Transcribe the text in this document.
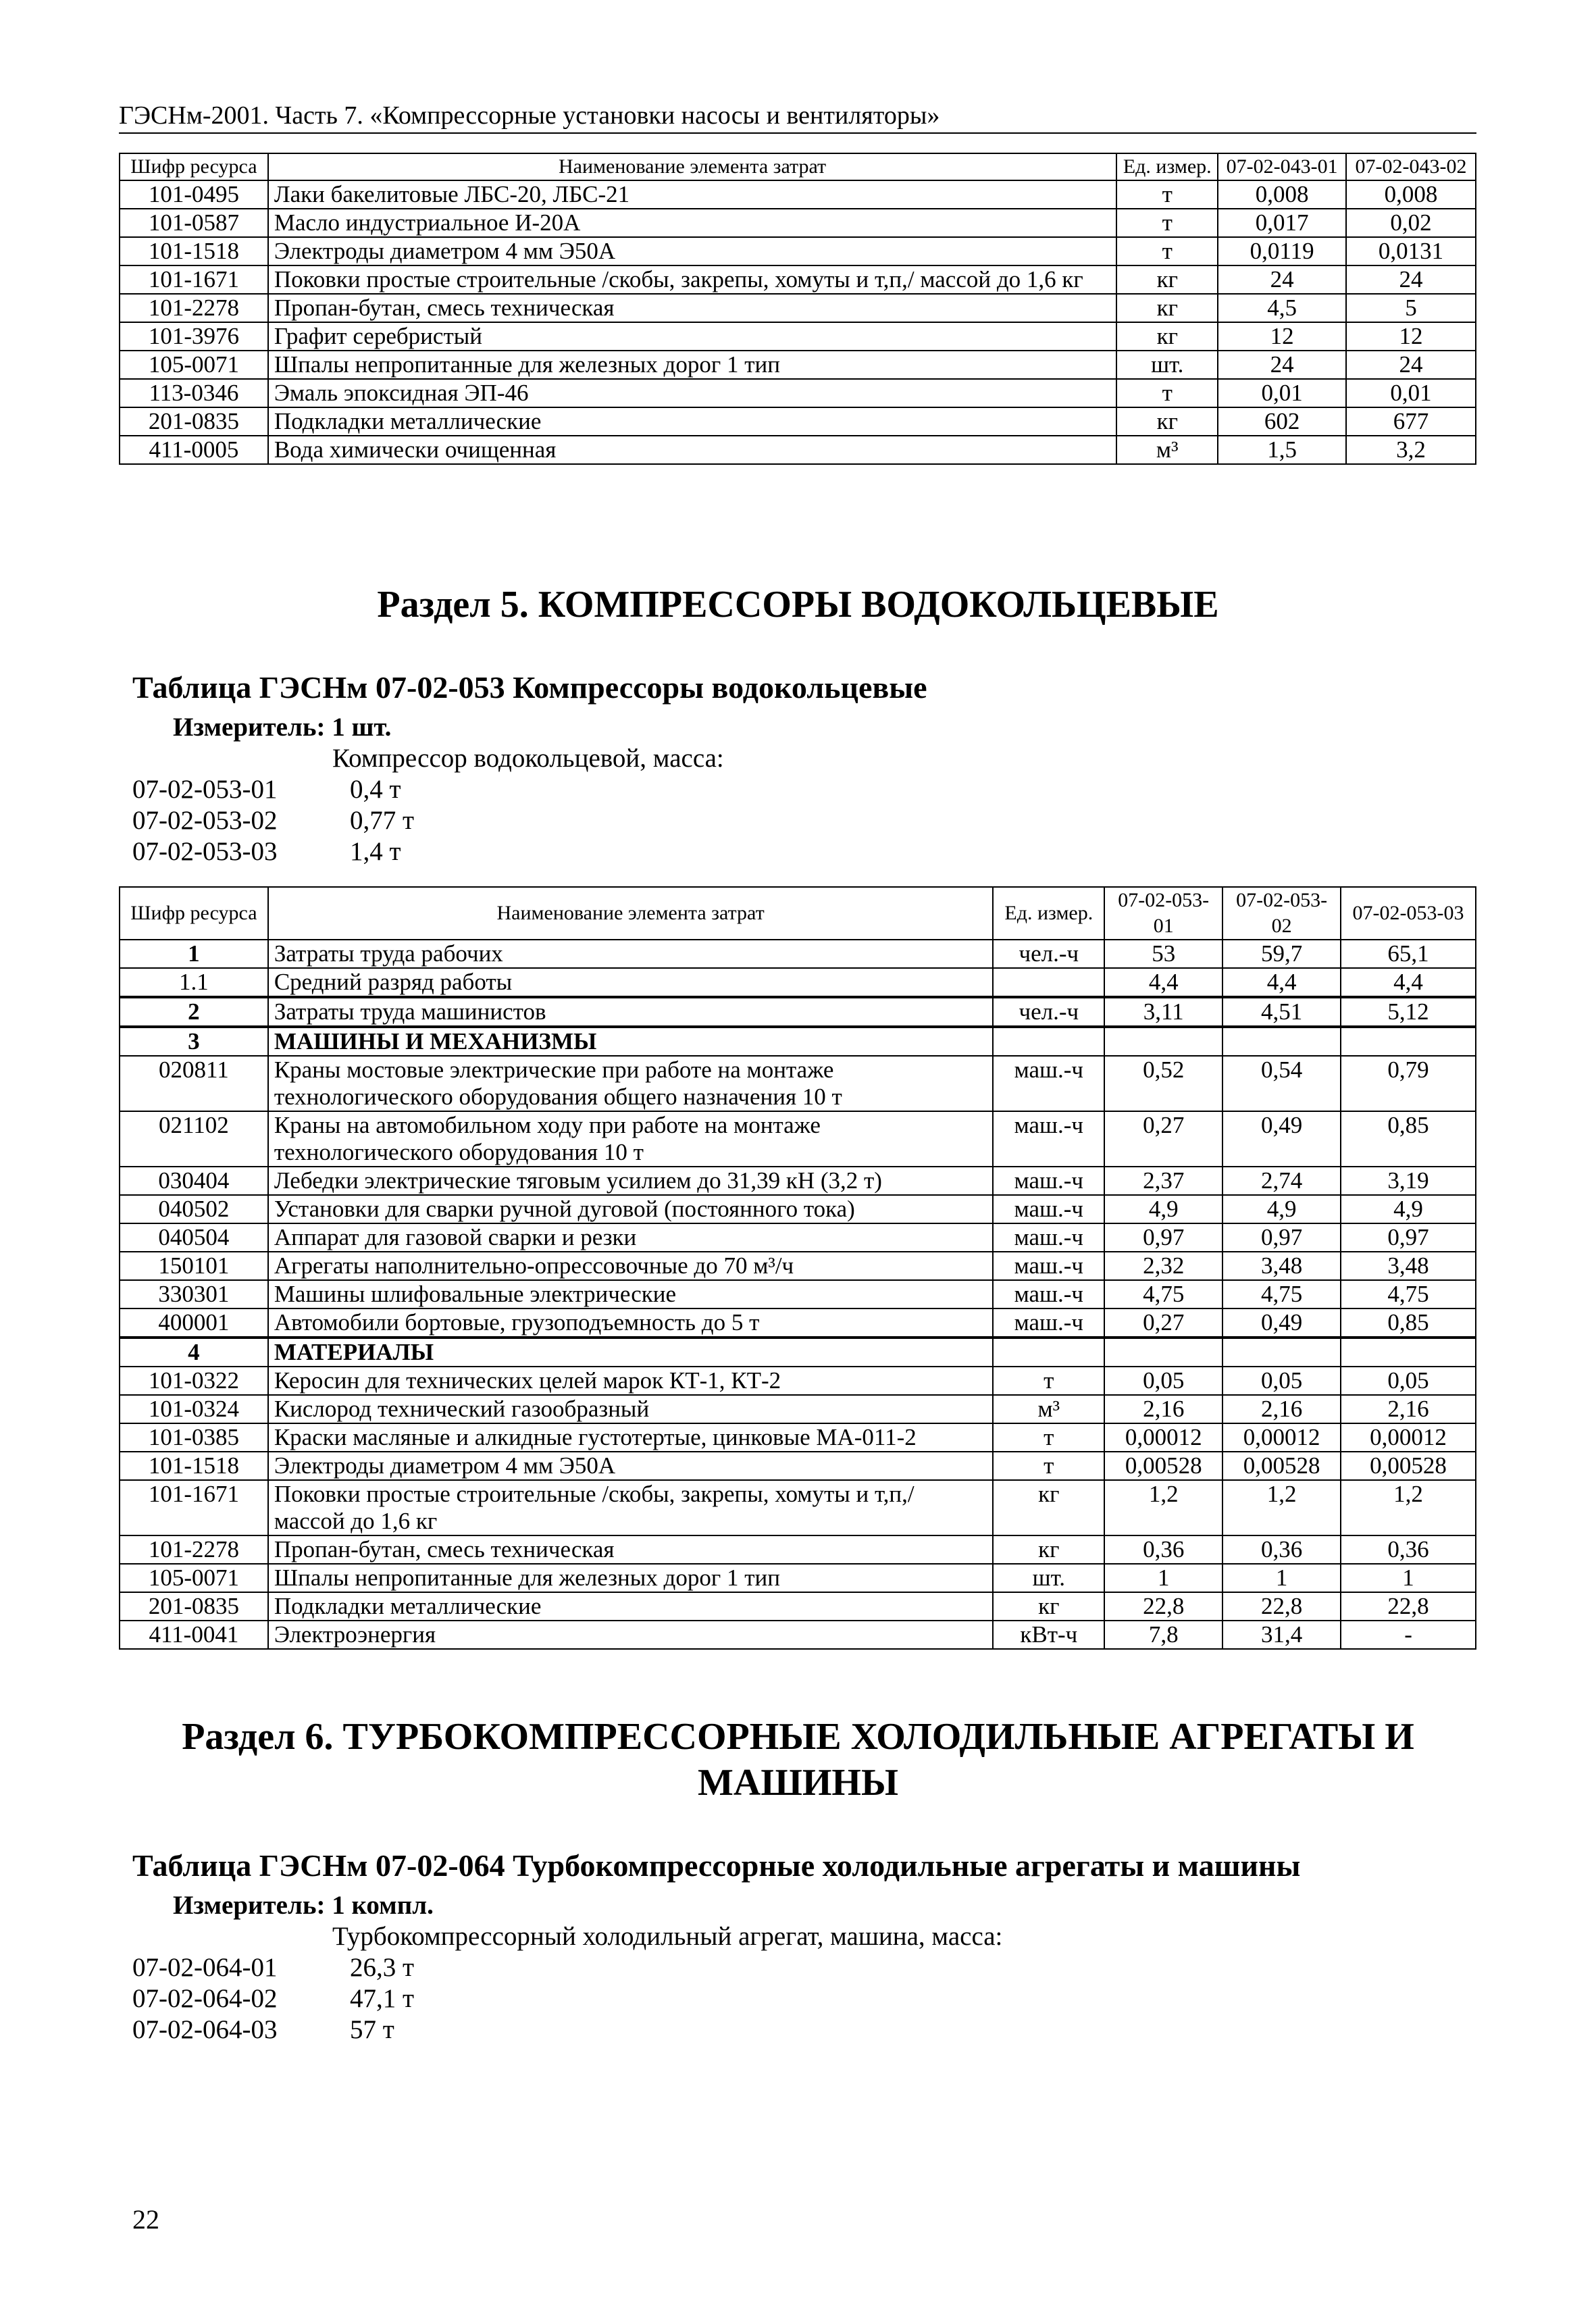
ГЭСНм-2001. Часть 7. «Компрессорные установки насосы и вентиляторы»
Шифр ресурса	Наименование элемента затрат	Ед. измер.	07-02-043-01	07-02-043-02
101-0495	Лаки бакелитовые ЛБС-20, ЛБС-21	т	0,008	0,008
101-0587	Масло индустриальное И-20А	т	0,017	0,02
101-1518	Электроды диаметром 4 мм Э50А	т	0,0119	0,0131
101-1671	Поковки простые строительные /скобы, закрепы, хомуты и т,п,/ массой до 1,6 кг	кг	24	24
101-2278	Пропан-бутан, смесь техническая	кг	4,5	5
101-3976	Графит серебристый	кг	12	12
105-0071	Шпалы непропитанные для железных дорог 1 тип	шт.	24	24
113-0346	Эмаль эпоксидная ЭП-46	т	0,01	0,01
201-0835	Подкладки металлические	кг	602	677
411-0005	Вода химически очищенная	м³	1,5	3,2
Раздел 5. КОМПРЕССОРЫ ВОДОКОЛЬЦЕВЫЕ
Таблица ГЭСНм 07-02-053 Компрессоры водокольцевые
Измеритель: 1 шт.
Компрессор водокольцевой, масса:
07-02-053-01	0,4 т
07-02-053-02	0,77 т
07-02-053-03	1,4 т
Шифр ресурса	Наименование элемента затрат	Ед. измер.	07-02-053-01	07-02-053-02	07-02-053-03
1	Затраты труда рабочих	чел.-ч	53	59,7	65,1
1.1	Средний разряд работы		4,4	4,4	4,4
2	Затраты труда машинистов	чел.-ч	3,11	4,51	5,12
3	МАШИНЫ И МЕХАНИЗМЫ				
020811	Краны мостовые электрические при работе на монтаже технологического оборудования общего назначения 10 т	маш.-ч	0,52	0,54	0,79
021102	Краны на автомобильном ходу при работе на монтаже технологического оборудования 10 т	маш.-ч	0,27	0,49	0,85
030404	Лебедки электрические тяговым усилием до 31,39 кН (3,2 т)	маш.-ч	2,37	2,74	3,19
040502	Установки для сварки ручной дуговой (постоянного тока)	маш.-ч	4,9	4,9	4,9
040504	Аппарат для газовой сварки и резки	маш.-ч	0,97	0,97	0,97
150101	Агрегаты наполнительно-опрессовочные до 70 м³/ч	маш.-ч	2,32	3,48	3,48
330301	Машины шлифовальные электрические	маш.-ч	4,75	4,75	4,75
400001	Автомобили бортовые, грузоподъемность до 5 т	маш.-ч	0,27	0,49	0,85
4	МАТЕРИАЛЫ				
101-0322	Керосин для технических целей марок КТ-1, КТ-2	т	0,05	0,05	0,05
101-0324	Кислород технический газообразный	м³	2,16	2,16	2,16
101-0385	Краски масляные и алкидные густотертые, цинковые МА-011-2	т	0,00012	0,00012	0,00012
101-1518	Электроды диаметром 4 мм Э50А	т	0,00528	0,00528	0,00528
101-1671	Поковки простые строительные /скобы, закрепы, хомуты и т,п,/ массой до 1,6 кг	кг	1,2	1,2	1,2
101-2278	Пропан-бутан, смесь техническая	кг	0,36	0,36	0,36
105-0071	Шпалы непропитанные для железных дорог 1 тип	шт.	1	1	1
201-0835	Подкладки металлические	кг	22,8	22,8	22,8
411-0041	Электроэнергия	кВт-ч	7,8	31,4	-
Раздел 6. ТУРБОКОМПРЕССОРНЫЕ ХОЛОДИЛЬНЫЕ АГРЕГАТЫ И
МАШИНЫ
Таблица ГЭСНм 07-02-064 Турбокомпрессорные холодильные агрегаты и машины
Измеритель: 1 компл.
Турбокомпрессорный холодильный агрегат, машина, масса:
07-02-064-01	26,3 т
07-02-064-02	47,1 т
07-02-064-03	57 т
22
